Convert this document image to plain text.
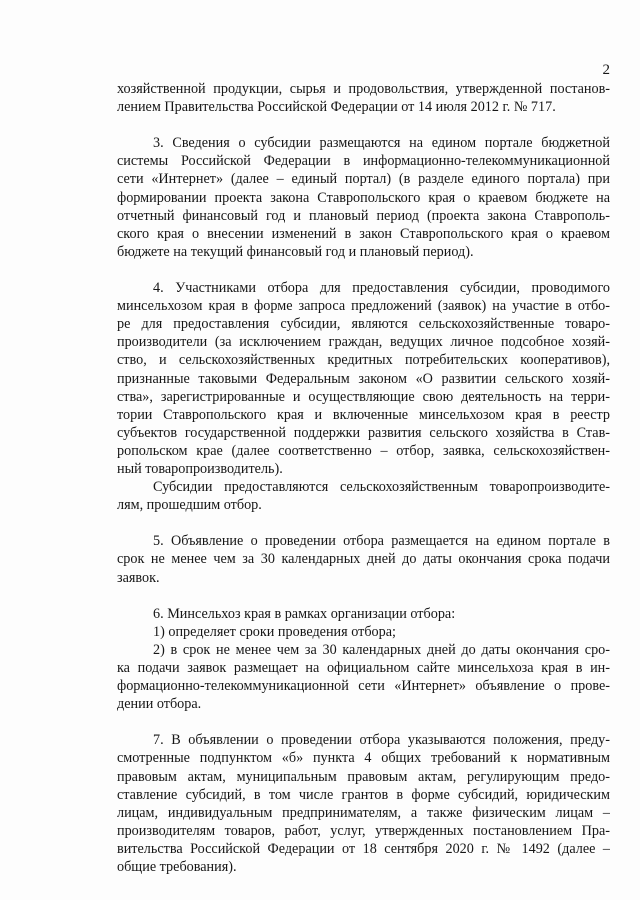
2
хозяйственной продукции, сырья и продовольствия, утвержденной постанов-
лением Правительства Российской Федерации от 14 июля 2012 г. № 717.
3. Сведения о субсидии размещаются на едином портале бюджетной
системы Российской Федерации в информационно-телекоммуникационной
сети «Интернет» (далее – единый портал) (в разделе единого портала) при
формировании проекта закона Ставропольского края о краевом бюджете на
отчетный финансовый год и плановый период (проекта закона Ставрополь-
ского края о внесении изменений в закон Ставропольского края о краевом
бюджете на текущий финансовый год и плановый период).
4. Участниками отбора для предоставления субсидии, проводимого
минсельхозом края в форме запроса предложений (заявок) на участие в отбо-
ре для предоставления субсидии, являются сельскохозяйственные товаро-
производители (за исключением граждан, ведущих личное подсобное хозяй-
ство, и сельскохозяйственных кредитных потребительских кооперативов),
признанные таковыми Федеральным законом «О развитии сельского хозяй-
ства», зарегистрированные и осуществляющие свою деятельность на терри-
тории Ставропольского края и включенные минсельхозом края в реестр
субъектов государственной поддержки развития сельского хозяйства в Став-
ропольском крае (далее соответственно – отбор, заявка, сельскохозяйствен-
ный товаропроизводитель).
Субсидии предоставляются сельскохозяйственным товаропроизводите-
лям, прошедшим отбор.
5. Объявление о проведении отбора размещается на едином портале в
срок не менее чем за 30 календарных дней до даты окончания срока подачи
заявок.
6. Минсельхоз края в рамках организации отбора:
1) определяет сроки проведения отбора;
2) в срок не менее чем за 30 календарных дней до даты окончания сро-
ка подачи заявок размещает на официальном сайте минсельхоза края в ин-
формационно-телекоммуникационной сети «Интернет» объявление о прове-
дении отбора.
7. В объявлении о проведении отбора указываются положения, преду-
смотренные подпунктом «б» пункта 4 общих требований к нормативным
правовым актам, муниципальным правовым актам, регулирующим предо-
ставление субсидий, в том числе грантов в форме субсидий, юридическим
лицам, индивидуальным предпринимателям, а также физическим лицам –
производителям товаров, работ, услуг, утвержденных постановлением Пра-
вительства Российской Федерации от 18 сентября 2020 г. № 1492 (далее –
общие требования).
